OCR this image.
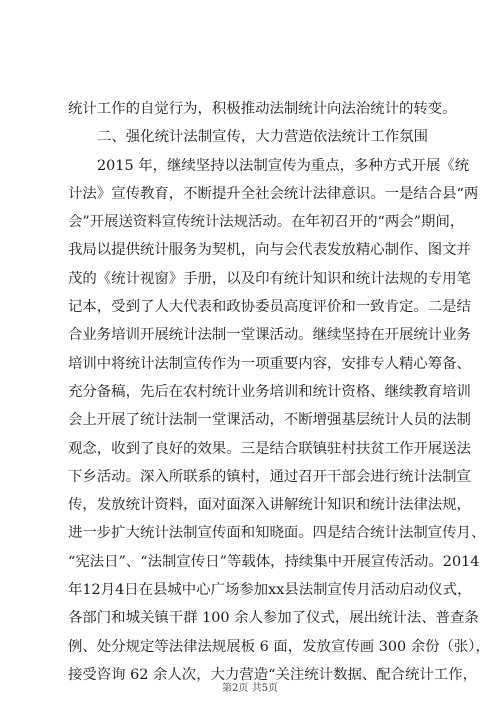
统计工作的自觉行为，积极推动法制统计向法治统计的转变。
二、强化统计法制宣传，大力营造依法统计工作氛围
2015 年，继续坚持以法制宣传为重点，多种方式开展《统
计法》宣传教育，不断提升全社会统计法律意识。一是结合县“两
会”开展送资料宣传统计法规活动。在年初召开的“两会”期间，
我局以提供统计服务为契机，向与会代表发放精心制作、图文并
茂的《统计视窗》手册，以及印有统计知识和统计法规的专用笔
记本，受到了人大代表和政协委员高度评价和一致肯定。二是结
合业务培训开展统计法制一堂课活动。继续坚持在开展统计业务
培训中将统计法制宣传作为一项重要内容，安排专人精心筹备、
充分备稿，先后在农村统计业务培训和统计资格、继续教育培训
会上开展了统计法制一堂课活动，不断增强基层统计人员的法制
观念，收到了良好的效果。三是结合联镇驻村扶贫工作开展送法
下乡活动。深入所联系的镇村，通过召开干部会进行统计法制宣
传，发放统计资料，面对面深入讲解统计知识和统计法律法规，
进一步扩大统计法制宣传面和知晓面。四是结合统计法制宣传月、
“宪法日”、“法制宣传日”等载体，持续集中开展宣传活动。2014
年12月4日在县城中心广场参加xx县法制宣传月活动启动仪式，
各部门和城关镇干群 100 余人参加了仪式，展出统计法、普查条
例、处分规定等法律法规展板 6 面，发放宣传画 300 余份（张），
接受咨询 62 余人次，大力营造“关注统计数据、配合统计工作，
第2页 共5页
